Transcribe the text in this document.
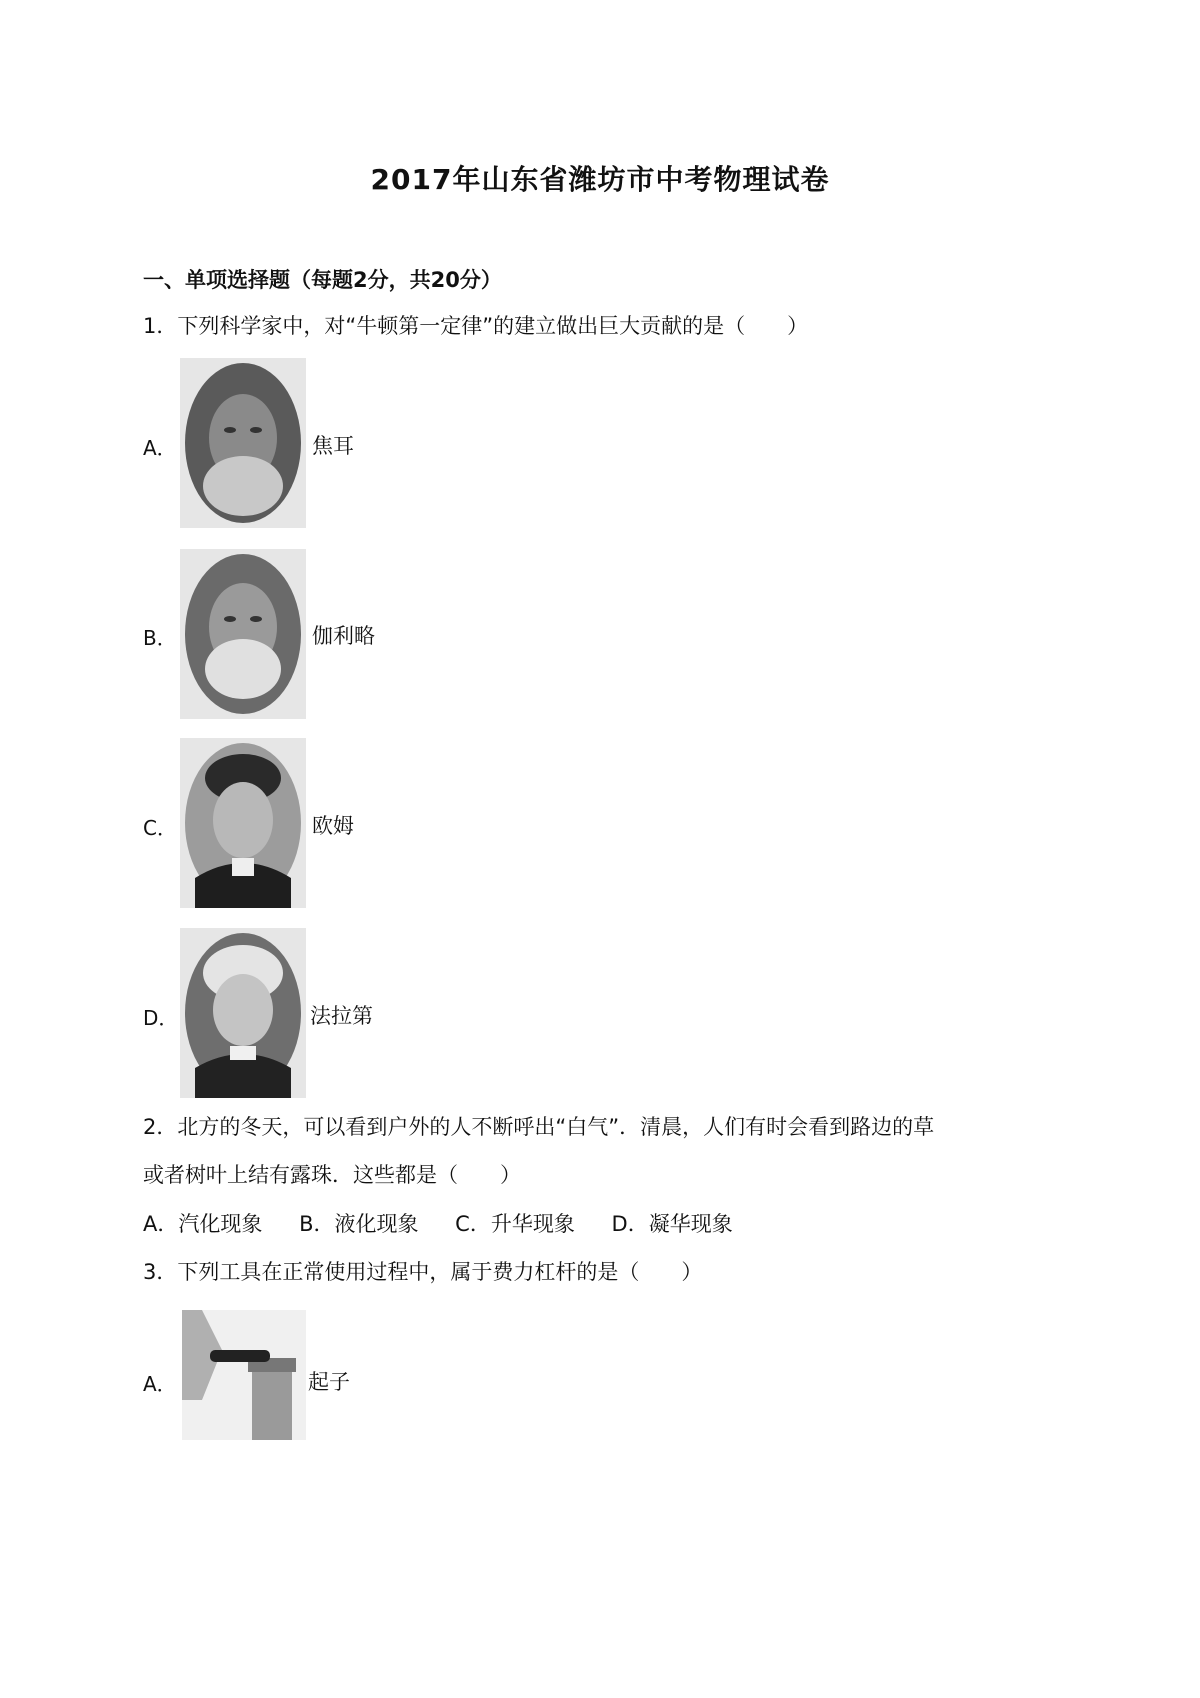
2017年山东省潍坊市中考物理试卷
一、单项选择题（每题2分，共20分）
1．下列科学家中，对“牛顿第一定律”的建立做出巨大贡献的是（　　）
A．	焦耳
B．	伽利略
C．	欧姆
D．	法拉第
2．北方的冬天，可以看到户外的人不断呼出“白气”．清晨，人们有时会看到路边的草
或者树叶上结有露珠．这些都是（　　）
A．汽化现象 B．液化现象 C．升华现象 D．凝华现象
3．下列工具在正常使用过程中，属于费力杠杆的是（　　）
A．	起子
